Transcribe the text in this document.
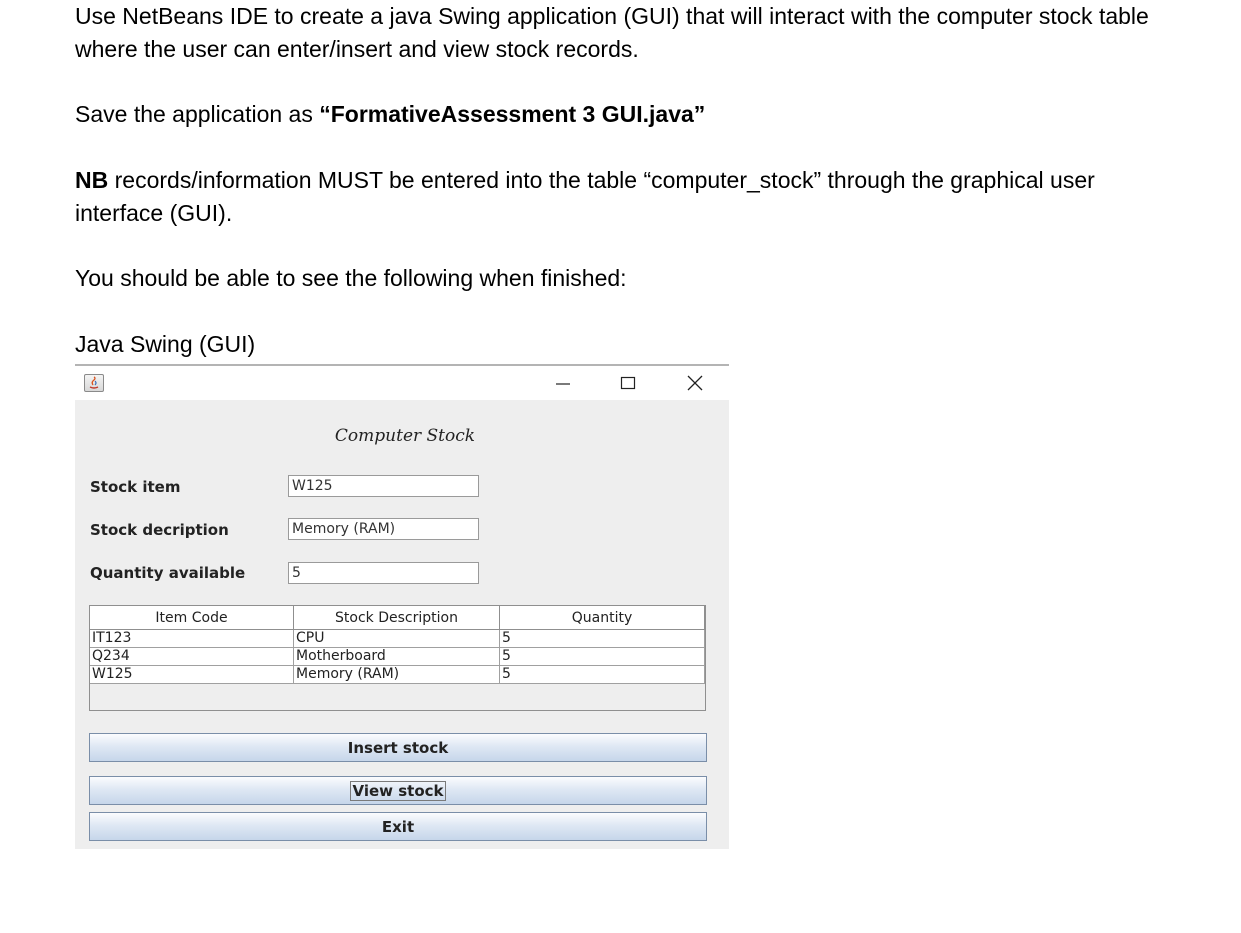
Use NetBeans IDE to create a java Swing application (GUI) that will interact with the computer stock table where the user can enter/insert and view stock records.

Save the application as “FormativeAssessment 3 GUI.java”

NB records/information MUST be entered into the table “computer_stock” through the graphical user interface (GUI).

You should be able to see the following when finished:

Java Swing (GUI)

Computer Stock
Stock item
W125
Stock decription
Memory (RAM)
Quantity available
5
Item Code	Stock Description	Quantity
IT123	CPU	5
Q234	Motherboard	5
W125	Memory (RAM)	5
Insert stock
View stock
Exit
